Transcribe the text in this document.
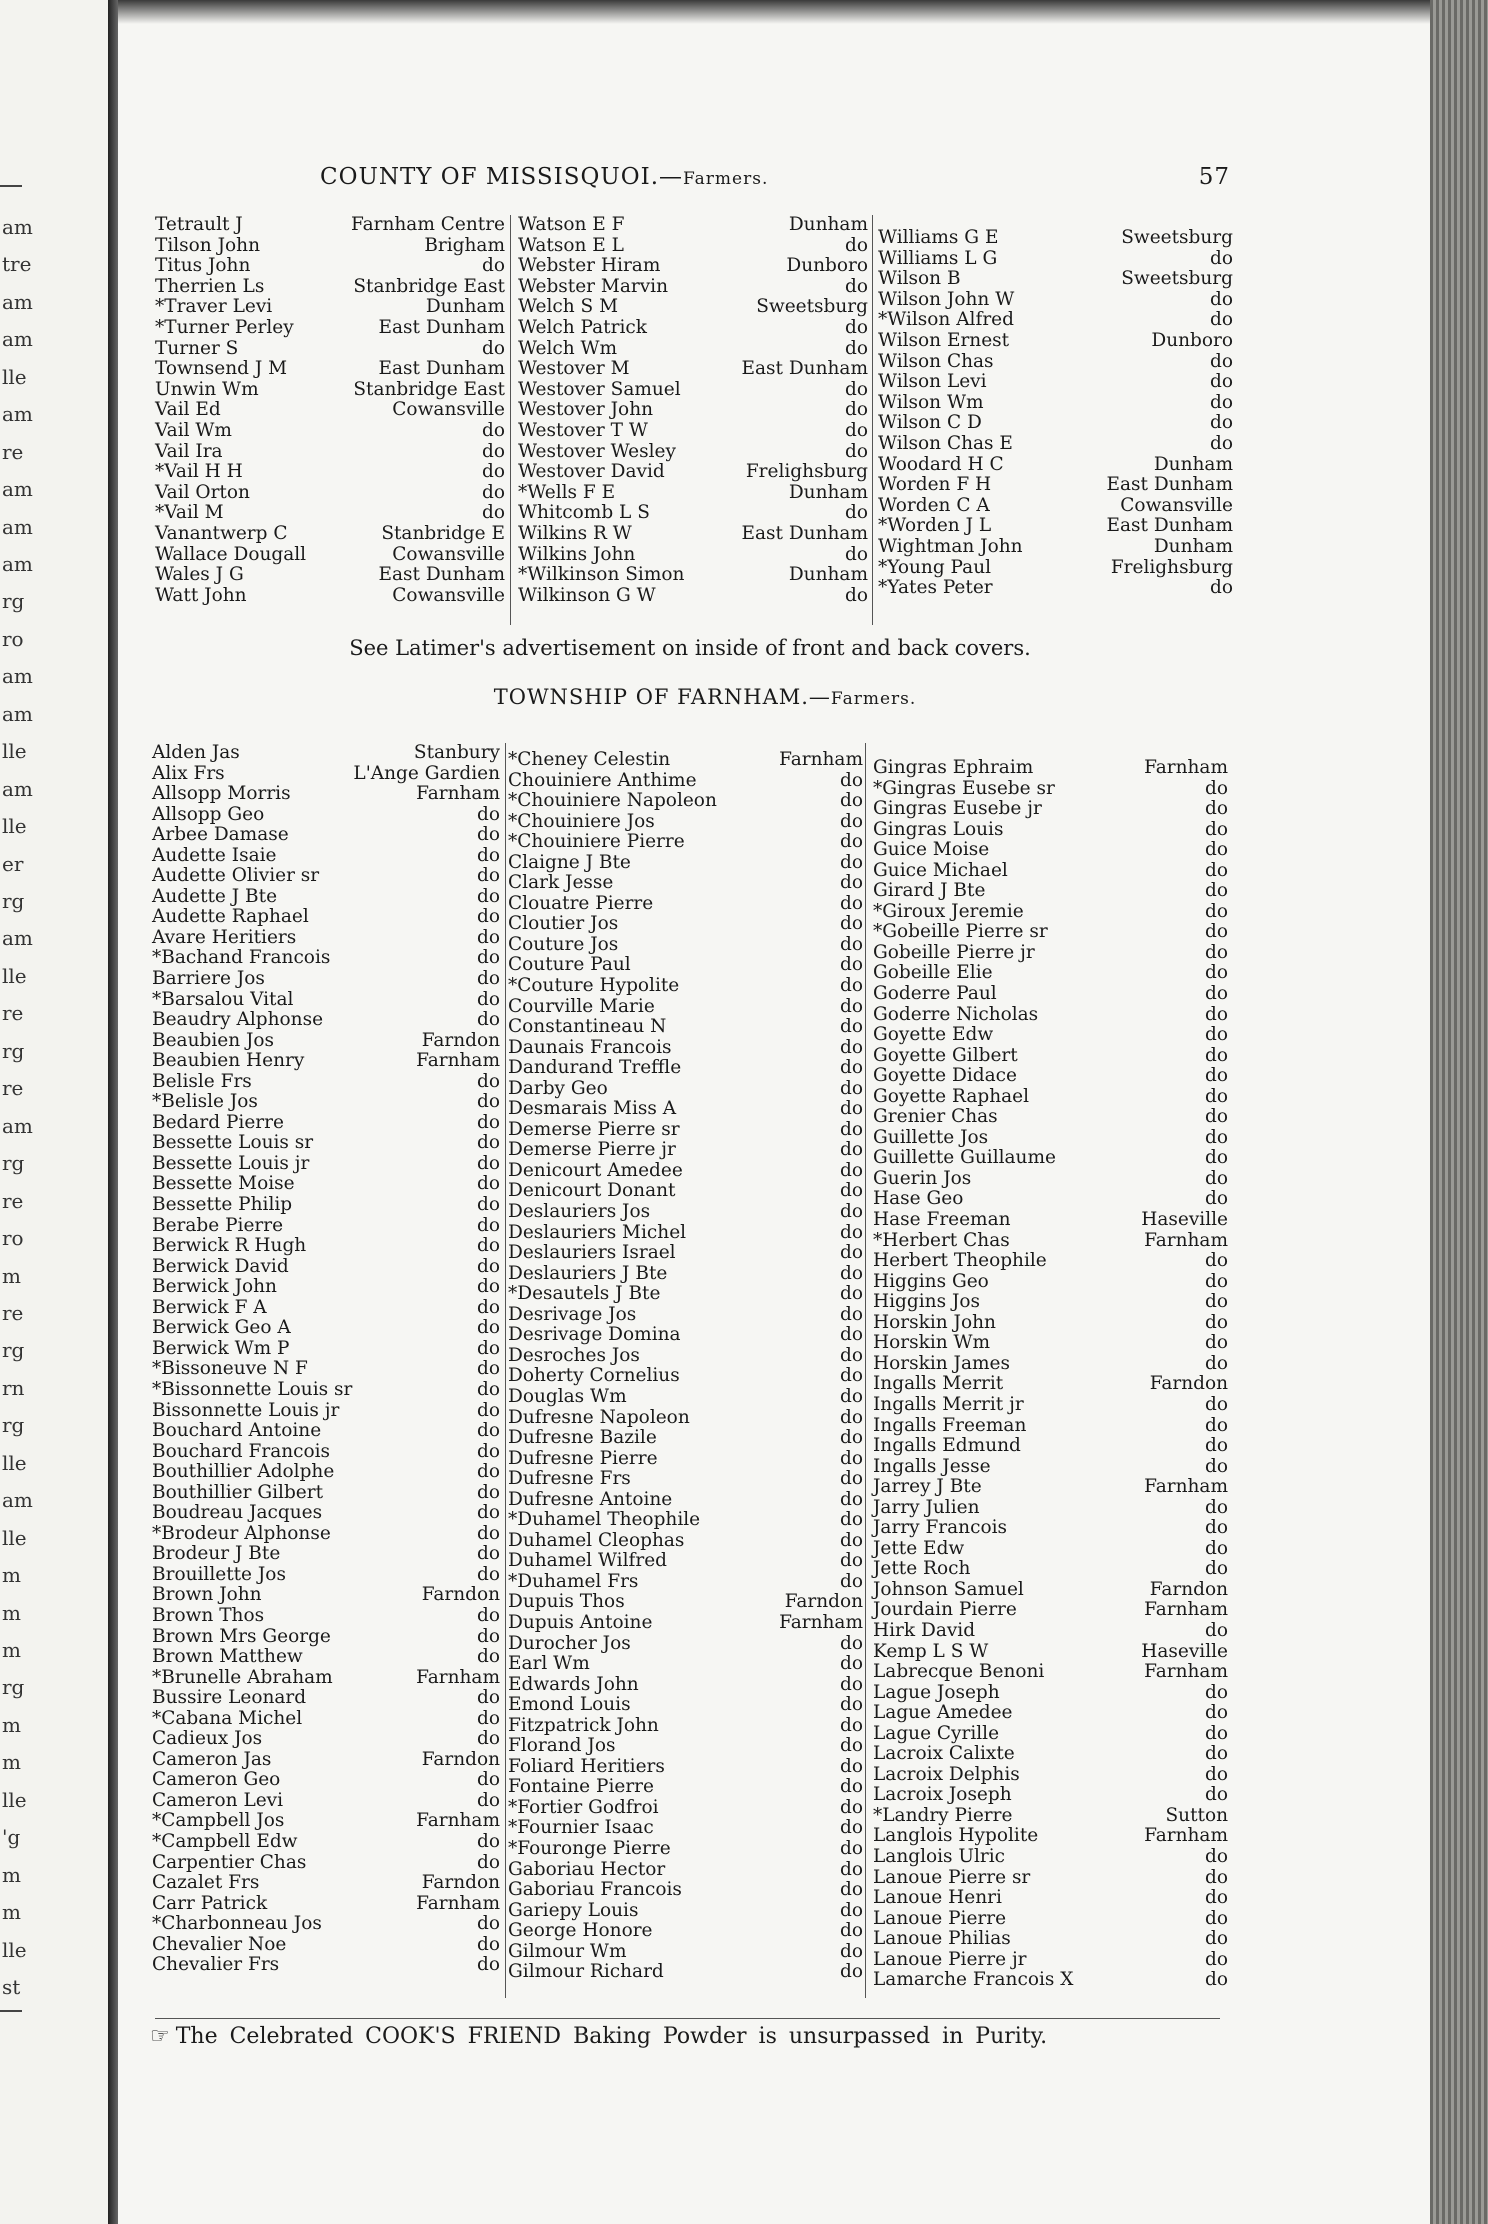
am
tre
am
am
lle
am
re
am
am
am
rg
ro
am
am
lle
am
lle
er
rg
am
lle
re
rg
re
am
rg
re
ro
m
re
rg
rn
rg
lle
am
lle
m
m
m
rg
m
m
lle
'g
m
m
lle
st
COUNTY OF MISSISQUOI.—Farmers.	57
Tetrault J	Farnham Centre
Tilson John	Brigham
Titus John	do
Therrien Ls	Stanbridge East
*Traver Levi	Dunham
*Turner Perley	East Dunham
Turner S	do
Townsend J M	East Dunham
Unwin Wm	Stanbridge East
Vail Ed	Cowansville
Vail Wm	do
Vail Ira	do
*Vail H H	do
Vail Orton	do
*Vail M	do
Vanantwerp C	Stanbridge E
Wallace Dougall	Cowansville
Wales J G	East Dunham
Watt John	Cowansville
Watson E F	Dunham
Watson E L	do
Webster Hiram	Dunboro
Webster Marvin	do
Welch S M	Sweetsburg
Welch Patrick	do
Welch Wm	do
Westover M	East Dunham
Westover Samuel	do
Westover John	do
Westover T W	do
Westover Wesley	do
Westover David	Frelighsburg
*Wells F E	Dunham
Whitcomb L S	do
Wilkins R W	East Dunham
Wilkins John	do
*Wilkinson Simon	Dunham
Wilkinson G W	do
Williams G E	Sweetsburg
Williams L G	do
Wilson B	Sweetsburg
Wilson John W	do
*Wilson Alfred	do
Wilson Ernest	Dunboro
Wilson Chas	do
Wilson Levi	do
Wilson Wm	do
Wilson C D	do
Wilson Chas E	do
Woodard H C	Dunham
Worden F H	East Dunham
Worden C A	Cowansville
*Worden J L	East Dunham
Wightman John	Dunham
*Young Paul	Frelighsburg
*Yates Peter	do
See Latimer's advertisement on inside of front and back covers.
TOWNSHIP OF FARNHAM.—Farmers.
Alden Jas	Stanbury
Alix Frs	L'Ange Gardien
Allsopp Morris	Farnham
Allsopp Geo	do
Arbee Damase	do
Audette Isaie	do
Audette Olivier sr	do
Audette J Bte	do
Audette Raphael	do
Avare Heritiers	do
*Bachand Francois	do
Barriere Jos	do
*Barsalou Vital	do
Beaudry Alphonse	do
Beaubien Jos	Farndon
Beaubien Henry	Farnham
Belisle Frs	do
*Belisle Jos	do
Bedard Pierre	do
Bessette Louis sr	do
Bessette Louis jr	do
Bessette Moise	do
Bessette Philip	do
Berabe Pierre	do
Berwick R Hugh	do
Berwick David	do
Berwick John	do
Berwick F A	do
Berwick Geo A	do
Berwick Wm P	do
*Bissoneuve N F	do
*Bissonnette Louis sr	do
Bissonnette Louis jr	do
Bouchard Antoine	do
Bouchard Francois	do
Bouthillier Adolphe	do
Bouthillier Gilbert	do
Boudreau Jacques	do
*Brodeur Alphonse	do
Brodeur J Bte	do
Brouillette Jos	do
Brown John	Farndon
Brown Thos	do
Brown Mrs George	do
Brown Matthew	do
*Brunelle Abraham	Farnham
Bussire Leonard	do
*Cabana Michel	do
Cadieux Jos	do
Cameron Jas	Farndon
Cameron Geo	do
Cameron Levi	do
*Campbell Jos	Farnham
*Campbell Edw	do
Carpentier Chas	do
Cazalet Frs	Farndon
Carr Patrick	Farnham
*Charbonneau Jos	do
Chevalier Noe	do
Chevalier Frs	do
*Cheney Celestin	Farnham
Chouiniere Anthime	do
*Chouiniere Napoleon	do
*Chouiniere Jos	do
*Chouiniere Pierre	do
Claigne J Bte	do
Clark Jesse	do
Clouatre Pierre	do
Cloutier Jos	do
Couture Jos	do
Couture Paul	do
*Couture Hypolite	do
Courville Marie	do
Constantineau N	do
Daunais Francois	do
Dandurand Treffle	do
Darby Geo	do
Desmarais Miss A	do
Demerse Pierre sr	do
Demerse Pierre jr	do
Denicourt Amedee	do
Denicourt Donant	do
Deslauriers Jos	do
Deslauriers Michel	do
Deslauriers Israel	do
Deslauriers J Bte	do
*Desautels J Bte	do
Desrivage Jos	do
Desrivage Domina	do
Desroches Jos	do
Doherty Cornelius	do
Douglas Wm	do
Dufresne Napoleon	do
Dufresne Bazile	do
Dufresne Pierre	do
Dufresne Frs	do
Dufresne Antoine	do
*Duhamel Theophile	do
Duhamel Cleophas	do
Duhamel Wilfred	do
*Duhamel Frs	do
Dupuis Thos	Farndon
Dupuis Antoine	Farnham
Durocher Jos	do
Earl Wm	do
Edwards John	do
Emond Louis	do
Fitzpatrick John	do
Florand Jos	do
Foliard Heritiers	do
Fontaine Pierre	do
*Fortier Godfroi	do
*Fournier Isaac	do
*Fouronge Pierre	do
Gaboriau Hector	do
Gaboriau Francois	do
Gariepy Louis	do
George Honore	do
Gilmour Wm	do
Gilmour Richard	do
Gingras Ephraim	Farnham
*Gingras Eusebe sr	do
Gingras Eusebe jr	do
Gingras Louis	do
Guice Moise	do
Guice Michael	do
Girard J Bte	do
*Giroux Jeremie	do
*Gobeille Pierre sr	do
Gobeille Pierre jr	do
Gobeille Elie	do
Goderre Paul	do
Goderre Nicholas	do
Goyette Edw	do
Goyette Gilbert	do
Goyette Didace	do
Goyette Raphael	do
Grenier Chas	do
Guillette Jos	do
Guillette Guillaume	do
Guerin Jos	do
Hase Geo	do
Hase Freeman	Haseville
*Herbert Chas	Farnham
Herbert Theophile	do
Higgins Geo	do
Higgins Jos	do
Horskin John	do
Horskin Wm	do
Horskin James	do
Ingalls Merrit	Farndon
Ingalls Merrit jr	do
Ingalls Freeman	do
Ingalls Edmund	do
Ingalls Jesse	do
Jarrey J Bte	Farnham
Jarry Julien	do
Jarry Francois	do
Jette Edw	do
Jette Roch	do
Johnson Samuel	Farndon
Jourdain Pierre	Farnham
Hirk David	do
Kemp L S W	Haseville
Labrecque Benoni	Farnham
Lague Joseph	do
Lague Amedee	do
Lague Cyrille	do
Lacroix Calixte	do
Lacroix Delphis	do
Lacroix Joseph	do
*Landry Pierre	Sutton
Langlois Hypolite	Farnham
Langlois Ulric	do
Lanoue Pierre sr	do
Lanoue Henri	do
Lanoue Pierre	do
Lanoue Philias	do
Lanoue Pierre jr	do
Lamarche Francois X	do
☞ The Celebrated COOK'S FRIEND Baking Powder is unsurpassed in Purity.
